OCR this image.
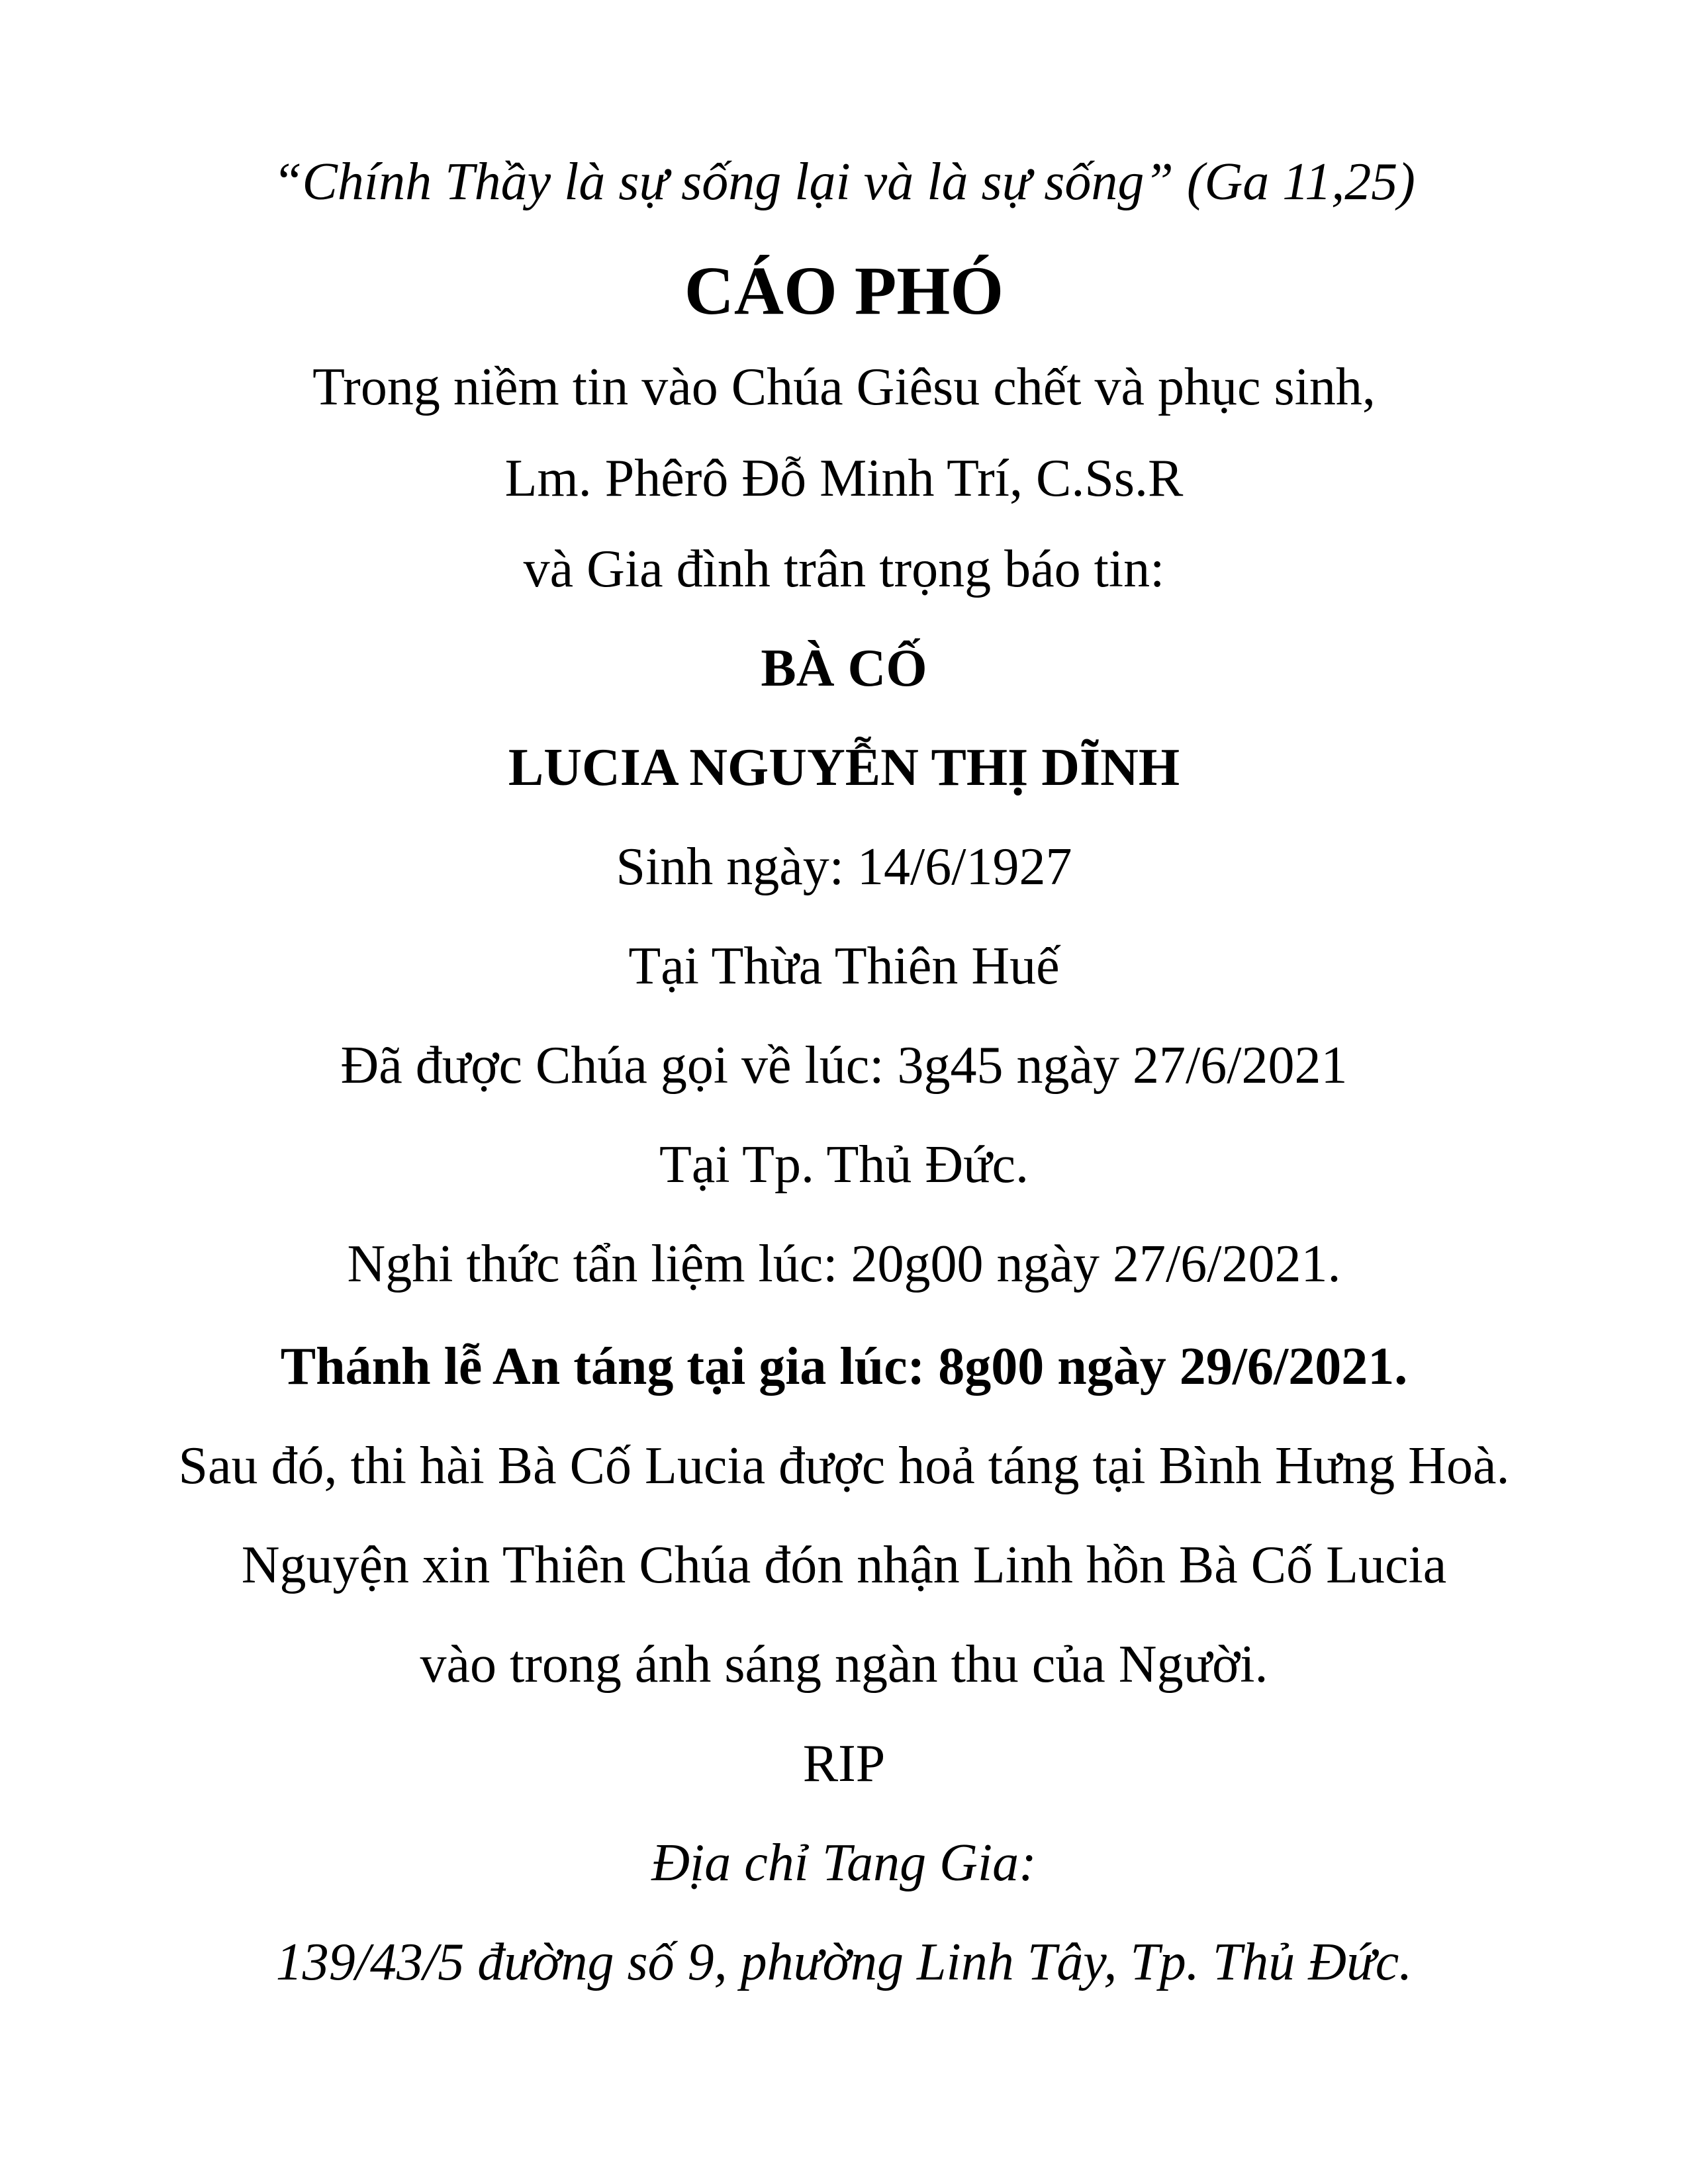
“Chính Thầy là sự sống lại và là sự sống” (Ga 11,25)
CÁO PHÓ
Trong niềm tin vào Chúa Giêsu chết và phục sinh,
Lm. Phêrô Đỗ Minh Trí, C.Ss.R
và Gia đình trân trọng báo tin:
BÀ CỐ
LUCIA NGUYỄN THỊ DĨNH
Sinh ngày: 14/6/1927
Tại Thừa Thiên Huế
Đã được Chúa gọi về lúc: 3g45 ngày 27/6/2021
Tại Tp. Thủ Đức.
Nghi thức tẩn liệm lúc: 20g00 ngày 27/6/2021.
Thánh lễ An táng tại gia lúc: 8g00 ngày 29/6/2021.
Sau đó, thi hài Bà Cố Lucia được hoả táng tại Bình Hưng Hoà.
Nguyện xin Thiên Chúa đón nhận Linh hồn Bà Cố Lucia
vào trong ánh sáng ngàn thu của Người.
RIP
Địa chỉ Tang Gia:
139/43/5 đường số 9, phường Linh Tây, Tp. Thủ Đức.
